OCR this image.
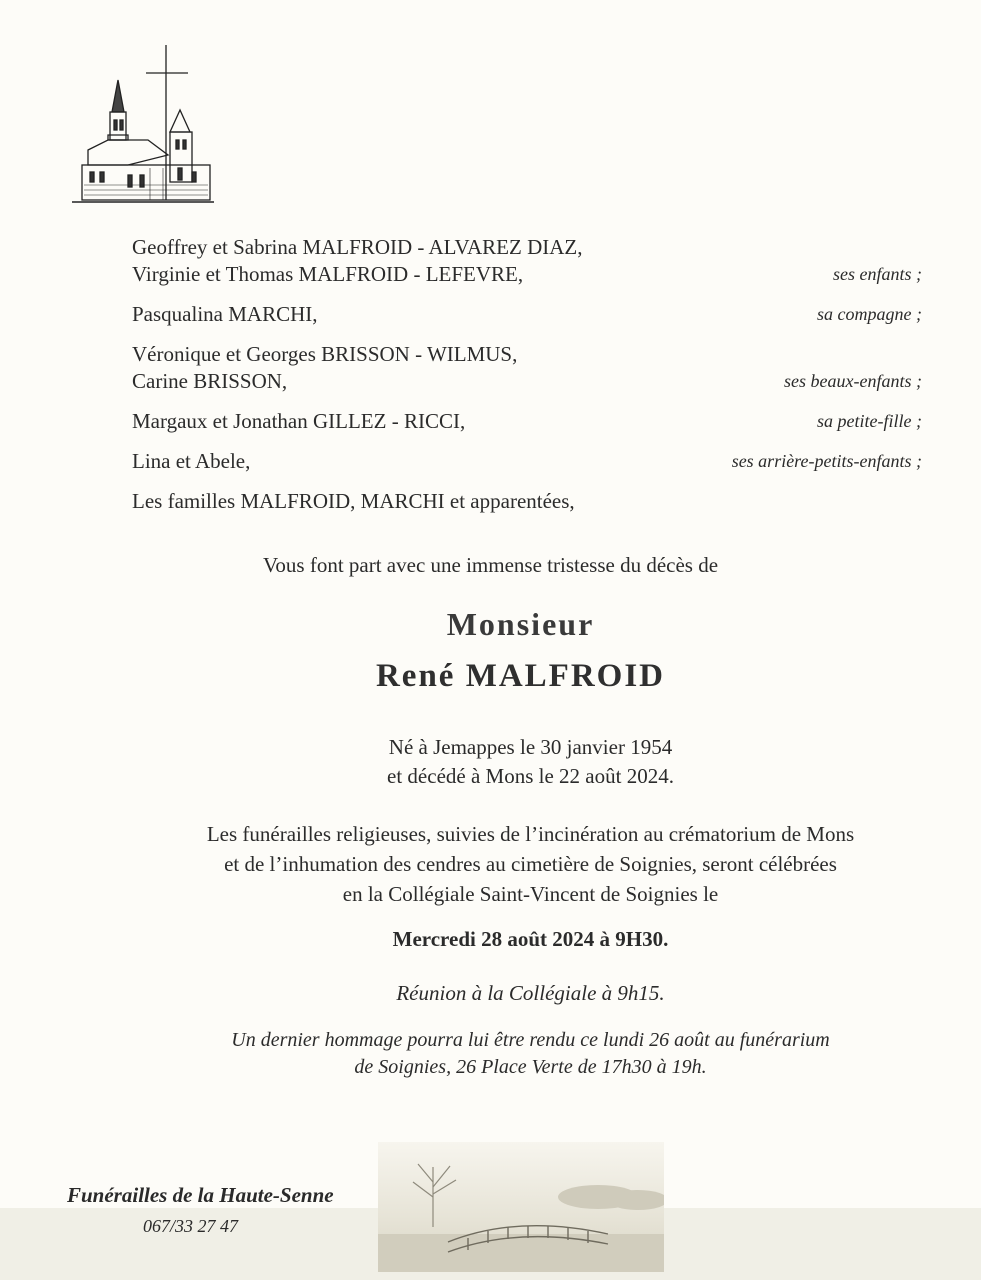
Geoffrey et Sabrina MALFROID - ALVAREZ DIAZ,
Virginie et Thomas MALFROID - LEFEVRE,	ses enfants ;
Pasqualina MARCHI,	sa compagne ;
Véronique et Georges BRISSON - WILMUS,
Carine BRISSON,	ses beaux-enfants ;
Margaux et Jonathan GILLEZ - RICCI,	sa petite-fille ;
Lina et Abele,	ses arrière-petits-enfants ;
Les familles MALFROID, MARCHI et apparentées,
Vous font part avec une immense tristesse du décès de
Monsieur
René MALFROID
Né à Jemappes le 30 janvier 1954
et décédé à Mons le 22 août 2024.
Les funérailles religieuses, suivies de l’incinération au crématorium de Mons
et de l’inhumation des cendres au cimetière de Soignies, seront célébrées
en la Collégiale Saint-Vincent de Soignies le
Mercredi 28 août 2024 à 9H30.
Réunion à la Collégiale à 9h15.
Un dernier hommage pourra lui être rendu ce lundi 26 août au funérarium
de Soignies, 26 Place Verte de 17h30 à 19h.
Funérailles de la Haute-Senne
067/33 27 47
